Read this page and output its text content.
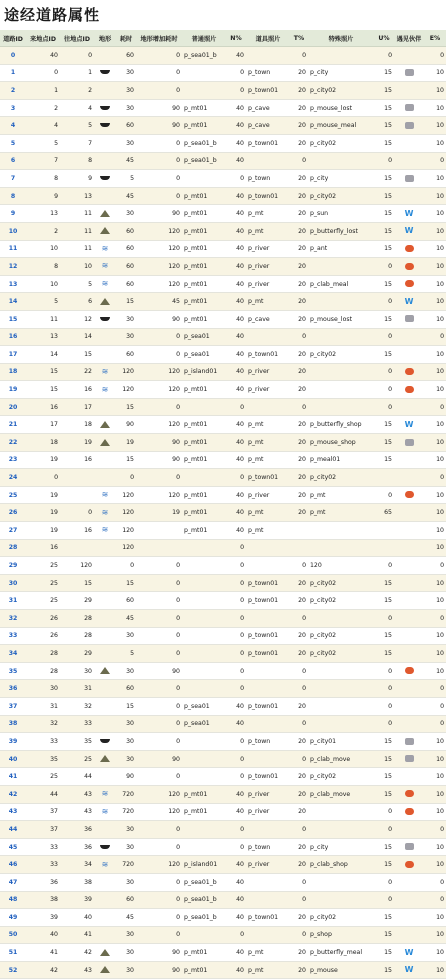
途经道路属性
道路ID	来地点ID	往地点ID	地形	耗时	地形增加耗时	普通照片	N%	道具照片	T%	特殊照片	U%	遇见伙伴	E%
0	40	0		60	0	p_sea01_b	40		0		0		0
1	0	1		30	0		0	p_town	20	p_city	15		10
2	1	2		30	0		0	p_town01	20	p_city02	15		10
3	2	4		30	90	p_mt01	40	p_cave	20	p_mouse_lost	15		10
4	4	5		60	90	p_mt01	40	p_cave	20	p_mouse_meal	15		10
5	5	7		30	0	p_sea01_b	40	p_town01	20	p_city02	15		10
6	7	8		45	0	p_sea01_b	40		0		0		0
7	8	9		5	0		0	p_town	20	p_city	15		10
8	9	13		45	0	p_mt01	40	p_town01	20	p_city02	15		10
9	13	11		30	90	p_mt01	40	p_mt	20	p_sun	15	W	10
10	2	11		60	120	p_mt01	40	p_mt	20	p_butterfly_lost	15	W	10
11	10	11	≋	60	120	p_mt01	40	p_river	20	p_ant	15		10
12	8	10	≋	60	120	p_mt01	40	p_river	20		0		10
13	10	5	≋	60	120	p_mt01	40	p_river	20	p_clab_meal	15		10
14	5	6		15	45	p_mt01	40	p_mt	20		0	W	10
15	11	12		30	90	p_mt01	40	p_cave	20	p_mouse_lost	15		10
16	13	14		30	0	p_sea01	40		0		0		0
17	14	15		60	0	p_sea01	40	p_town01	20	p_city02	15		10
18	15	22	≋	120	120	p_island01	40	p_river	20		0		10
19	15	16	≋	120	120	p_mt01	40	p_river	20		0		10
20	16	17		15	0		0		0		0		0
21	17	18		90	120	p_mt01	40	p_mt	20	p_butterfly_shop	15	W	10
22	18	19		19	90	p_mt01	40	p_mt	20	p_mouse_shop	15		10
23	19	16		15	90	p_mt01	40	p_mt	20	p_meal01	15		10
24	0			0	0		0	p_town01	20	p_city02			0
25	19		≋	120	120	p_mt01	40	p_river	20	p_mt	0		10
26	19	0	≋	120	19	p_mt01	40	p_mt	20	p_mt	65		10
27	19	16	≋	120		p_mt01	40	p_mt					10
28	16			120			0						10
29	25	120		0	0		0		0	120	0		0
30	25	15		15	0		0	p_town01	20	p_city02	15		10
31	25	29		60	0		0	p_town01	20	p_city02	15		10
32	26	28		45	0		0		0		0		0
33	26	28		30	0		0	p_town01	20	p_city02	15		10
34	28	29		5	0		0	p_town01	20	p_city02	15		10
35	28	30		30	90		0		0		0		10
36	30	31		60	0		0		0		0		0
37	31	32		15	0	p_sea01	40	p_town01	20		0		0
38	32	33		30	0	p_sea01	40		0		0		0
39	33	35		30	0		0	p_town	20	p_city01	15		10
40	35	25		30	90		0		0	p_clab_move	15		10
41	25	44		90	0		0	p_town01	20	p_city02	15		10
42	44	43	≋	720	120	p_mt01	40	p_river	20	p_clab_move	15		10
43	37	43	≋	720	120	p_mt01	40	p_river	20		0		10
44	37	36		30	0		0		0		0		0
45	33	36		30	0		0	p_town	20	p_city	15		10
46	33	34	≋	720	120	p_island01	40	p_river	20	p_clab_shop	15		10
47	36	38		30	0	p_sea01_b	40		0		0		0
48	38	39		60	0	p_sea01_b	40		0		0		0
49	39	40		45	0	p_sea01_b	40	p_town01	20	p_city02	15		10
50	40	41		30	0		0		0	p_shop	15		10
51	41	42		30	90	p_mt01	40	p_mt	20	p_butterfly_meal	15	W	10
52	42	43		30	90	p_mt01	40	p_mt	20	p_mouse	15	W	10
